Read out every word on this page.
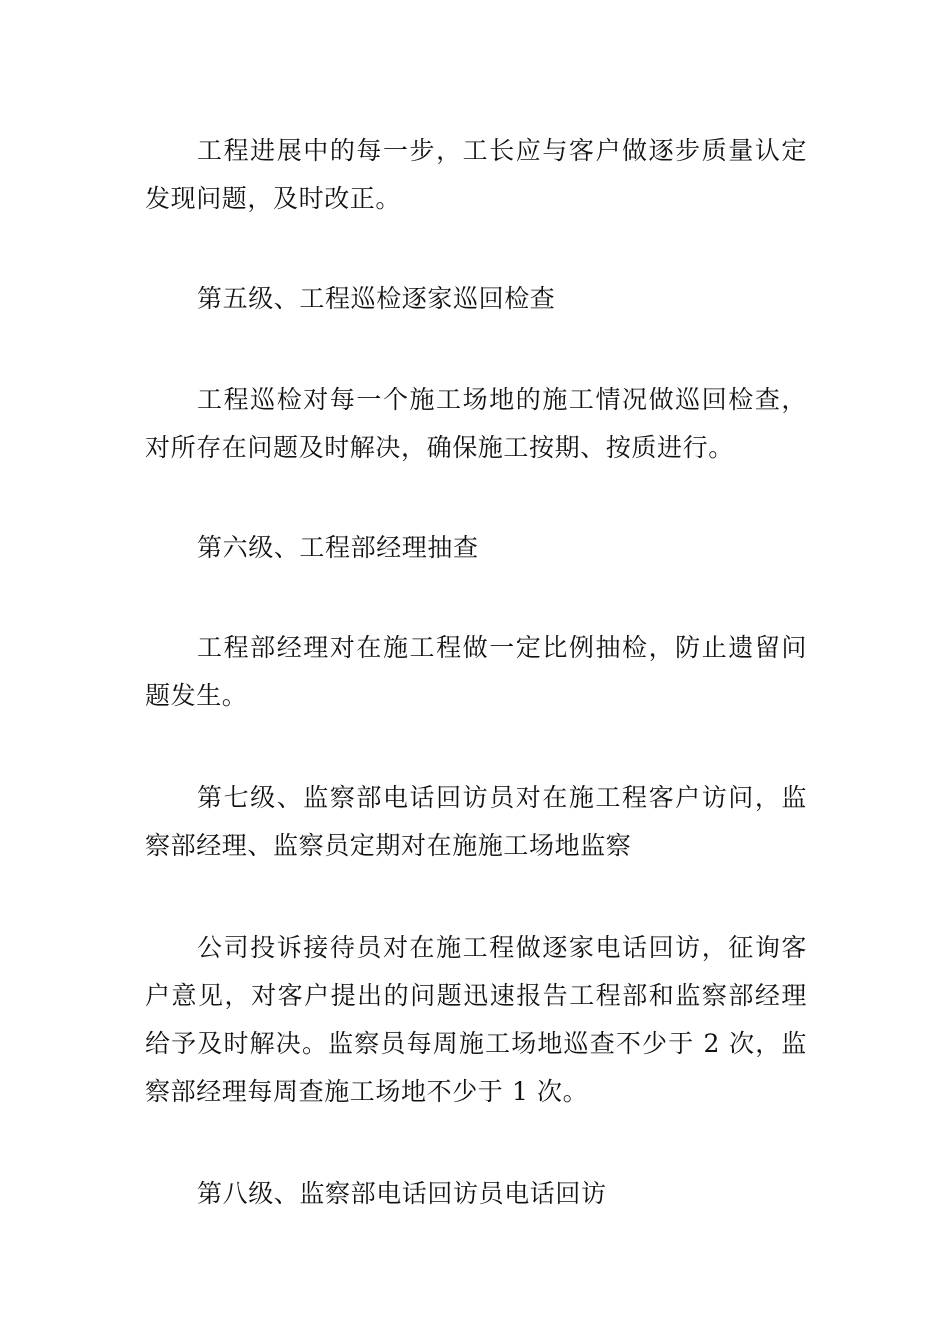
工程进展中的每一步，工长应与客户做逐步质量认定发现问题，及时改正。

第五级、工程巡检逐家巡回检查

工程巡检对每一个施工场地的施工情况做巡回检查，对所存在问题及时解决，确保施工按期、按质进行。

第六级、工程部经理抽查

工程部经理对在施工程做一定比例抽检，防止遗留问题发生。

第七级、监察部电话回访员对在施工程客户访问，监察部经理、监察员定期对在施施工场地监察

公司投诉接待员对在施工程做逐家电话回访，征询客户意见，对客户提出的问题迅速报告工程部和监察部经理给予及时解决。监察员每周施工场地巡查不少于 2 次，监察部经理每周查施工场地不少于 1 次。

第八级、监察部电话回访员电话回访
